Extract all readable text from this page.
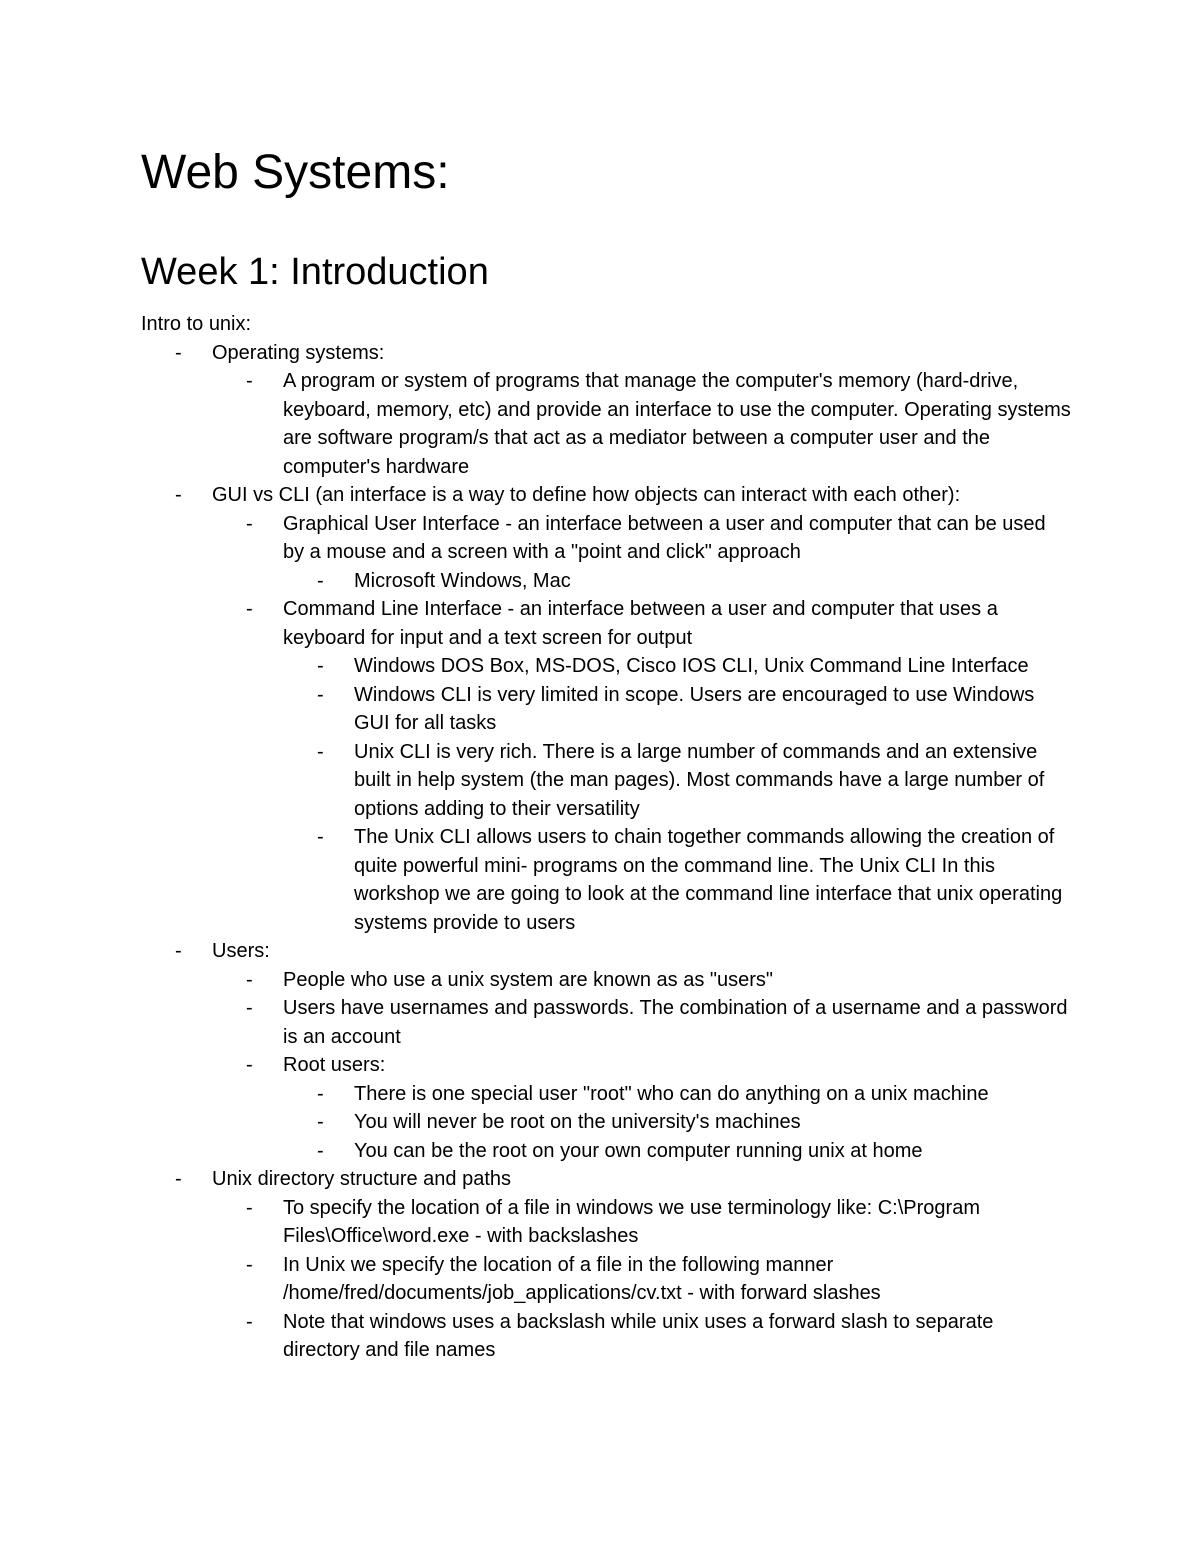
Web Systems:
Week 1: Introduction

Intro to unix:

- Operating systems:
- A program or system of programs that manage the computer's memory (hard-drive, keyboard, memory, etc) and provide an interface to use the computer. Operating systems are software program/s that act as a mediator between a computer user and the computer's hardware
- GUI vs CLI (an interface is a way to define how objects can interact with each other):
- Graphical User Interface - an interface between a user and computer that can be used by a mouse and a screen with a "point and click" approach
- Microsoft Windows, Mac
- Command Line Interface - an interface between a user and computer that uses a keyboard for input and a text screen for output
- Windows DOS Box, MS-DOS, Cisco IOS CLI, Unix Command Line Interface
- Windows CLI is very limited in scope. Users are encouraged to use Windows GUI for all tasks
- Unix CLI is very rich. There is a large number of commands and an extensive built in help system (the man pages). Most commands have a large number of options adding to their versatility
- The Unix CLI allows users to chain together commands allowing the creation of quite powerful mini- programs on the command line. The Unix CLI In this workshop we are going to look at the command line interface that unix operating systems provide to users
- Users:
- People who use a unix system are known as as "users"
- Users have usernames and passwords. The combination of a username and a password is an account
- Root users:
- There is one special user "root" who can do anything on a unix machine
- You will never be root on the university's machines
- You can be the root on your own computer running unix at home
- Unix directory structure and paths
- To specify the location of a file in windows we use terminology like: C:\Program Files\Office\word.exe - with backslashes
- In Unix we specify the location of a file in the following manner /home/fred/documents/job_applications/cv.txt - with forward slashes
- Note that windows uses a backslash while unix uses a forward slash to separate directory and file names
